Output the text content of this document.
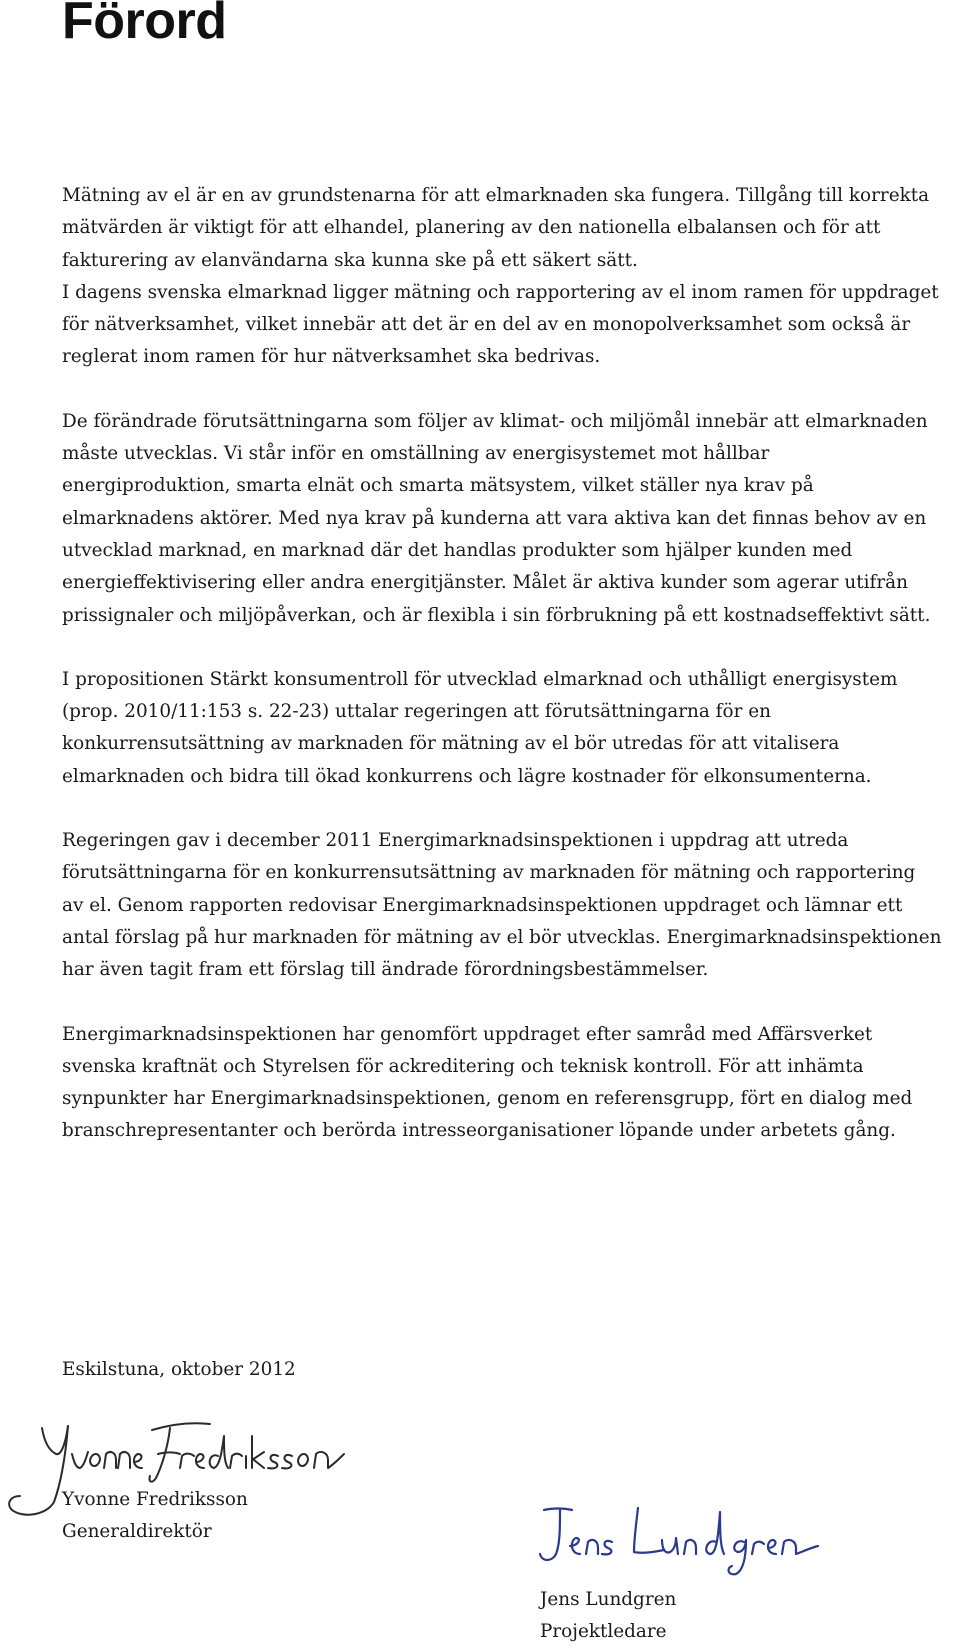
Förord

Mätning av el är en av grundstenarna för att elmarknaden ska fungera. Tillgång till korrekta mätvärden är viktigt för att elhandel, planering av den nationella elbalansen och för att fakturering av elanvändarna ska kunna ske på ett säkert sätt.

I dagens svenska elmarknad ligger mätning och rapportering av el inom ramen för uppdraget för nätverksamhet, vilket innebär att det är en del av en monopolverksamhet som också är reglerat inom ramen för hur nätverksamhet ska bedrivas.

De förändrade förutsättningarna som följer av klimat- och miljömål innebär att elmarknaden måste utvecklas. Vi står inför en omställning av energisystemet mot hållbar energiproduktion, smarta elnät och smarta mätsystem, vilket ställer nya krav på elmarknadens aktörer. Med nya krav på kunderna att vara aktiva kan det finnas behov av en utvecklad marknad, en marknad där det handlas produkter som hjälper kunden med energieffektivisering eller andra energitjänster. Målet är aktiva kunder som agerar utifrån prissignaler och miljöpåverkan, och är flexibla i sin förbrukning på ett kostnadseffektivt sätt.

I propositionen Stärkt konsumentroll för utvecklad elmarknad och uthålligt energisystem (prop. 2010/11:153 s. 22-23) uttalar regeringen att förutsättningarna för en konkurrensutsättning av marknaden för mätning av el bör utredas för att vitalisera elmarknaden och bidra till ökad konkurrens och lägre kostnader för elkonsumenterna.

Regeringen gav i december 2011 Energimarknadsinspektionen i uppdrag att utreda förutsättningarna för en konkurrensutsättning av marknaden för mätning och rapportering av el. Genom rapporten redovisar Energimarknadsinspektionen uppdraget och lämnar ett antal förslag på hur marknaden för mätning av el bör utvecklas. Energimarknadsinspektionen har även tagit fram ett förslag till ändrade förordningsbestämmelser.

Energimarknadsinspektionen har genomfört uppdraget efter samråd med Affärsverket svenska kraftnät och Styrelsen för ackreditering och teknisk kontroll. För att inhämta synpunkter har Energimarknadsinspektionen, genom en referensgrupp, fört en dialog med branschrepresentanter och berörda intresseorganisationer löpande under arbetets gång.

Eskilstuna, oktober 2012

Yvonne Fredriksson
Generaldirektör
Jens Lundgren
Projektledare
